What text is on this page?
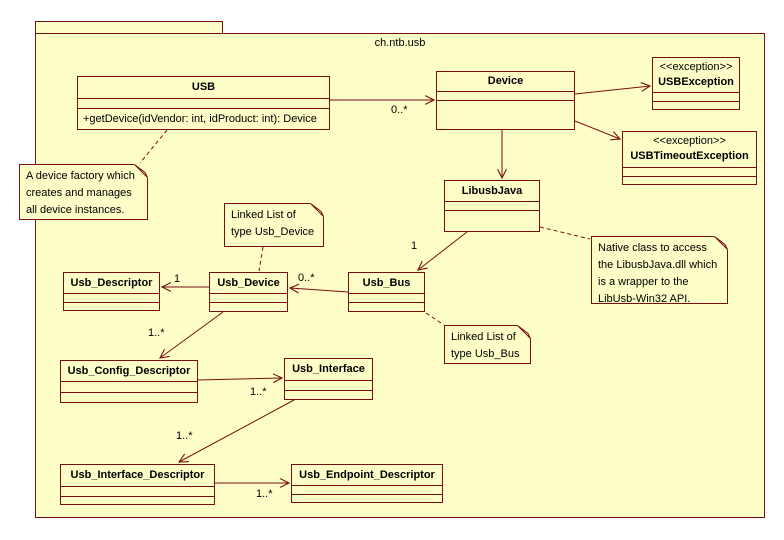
ch.ntb.usb
USB
+getDevice(idVendor: int, idProduct: int): Device
Device
<<exception>>
USBException
<<exception>>
USBTimeoutException
LibusbJava
Usb_Bus
Usb_Device
Usb_Descriptor
Usb_Config_Descriptor	Usb_Interface
Usb_Interface_Descriptor	Usb_Endpoint_Descriptor
A device factory which creates and manages all device instances.	Linked List of type Usb_Device
Native class to access the LibusbJava.dll which is a wrapper to the LibUsb-Win32 API.
Linked List of type Usb_Bus
0..*
1
0..*
1
1..*
1..*
1..*
1..*
